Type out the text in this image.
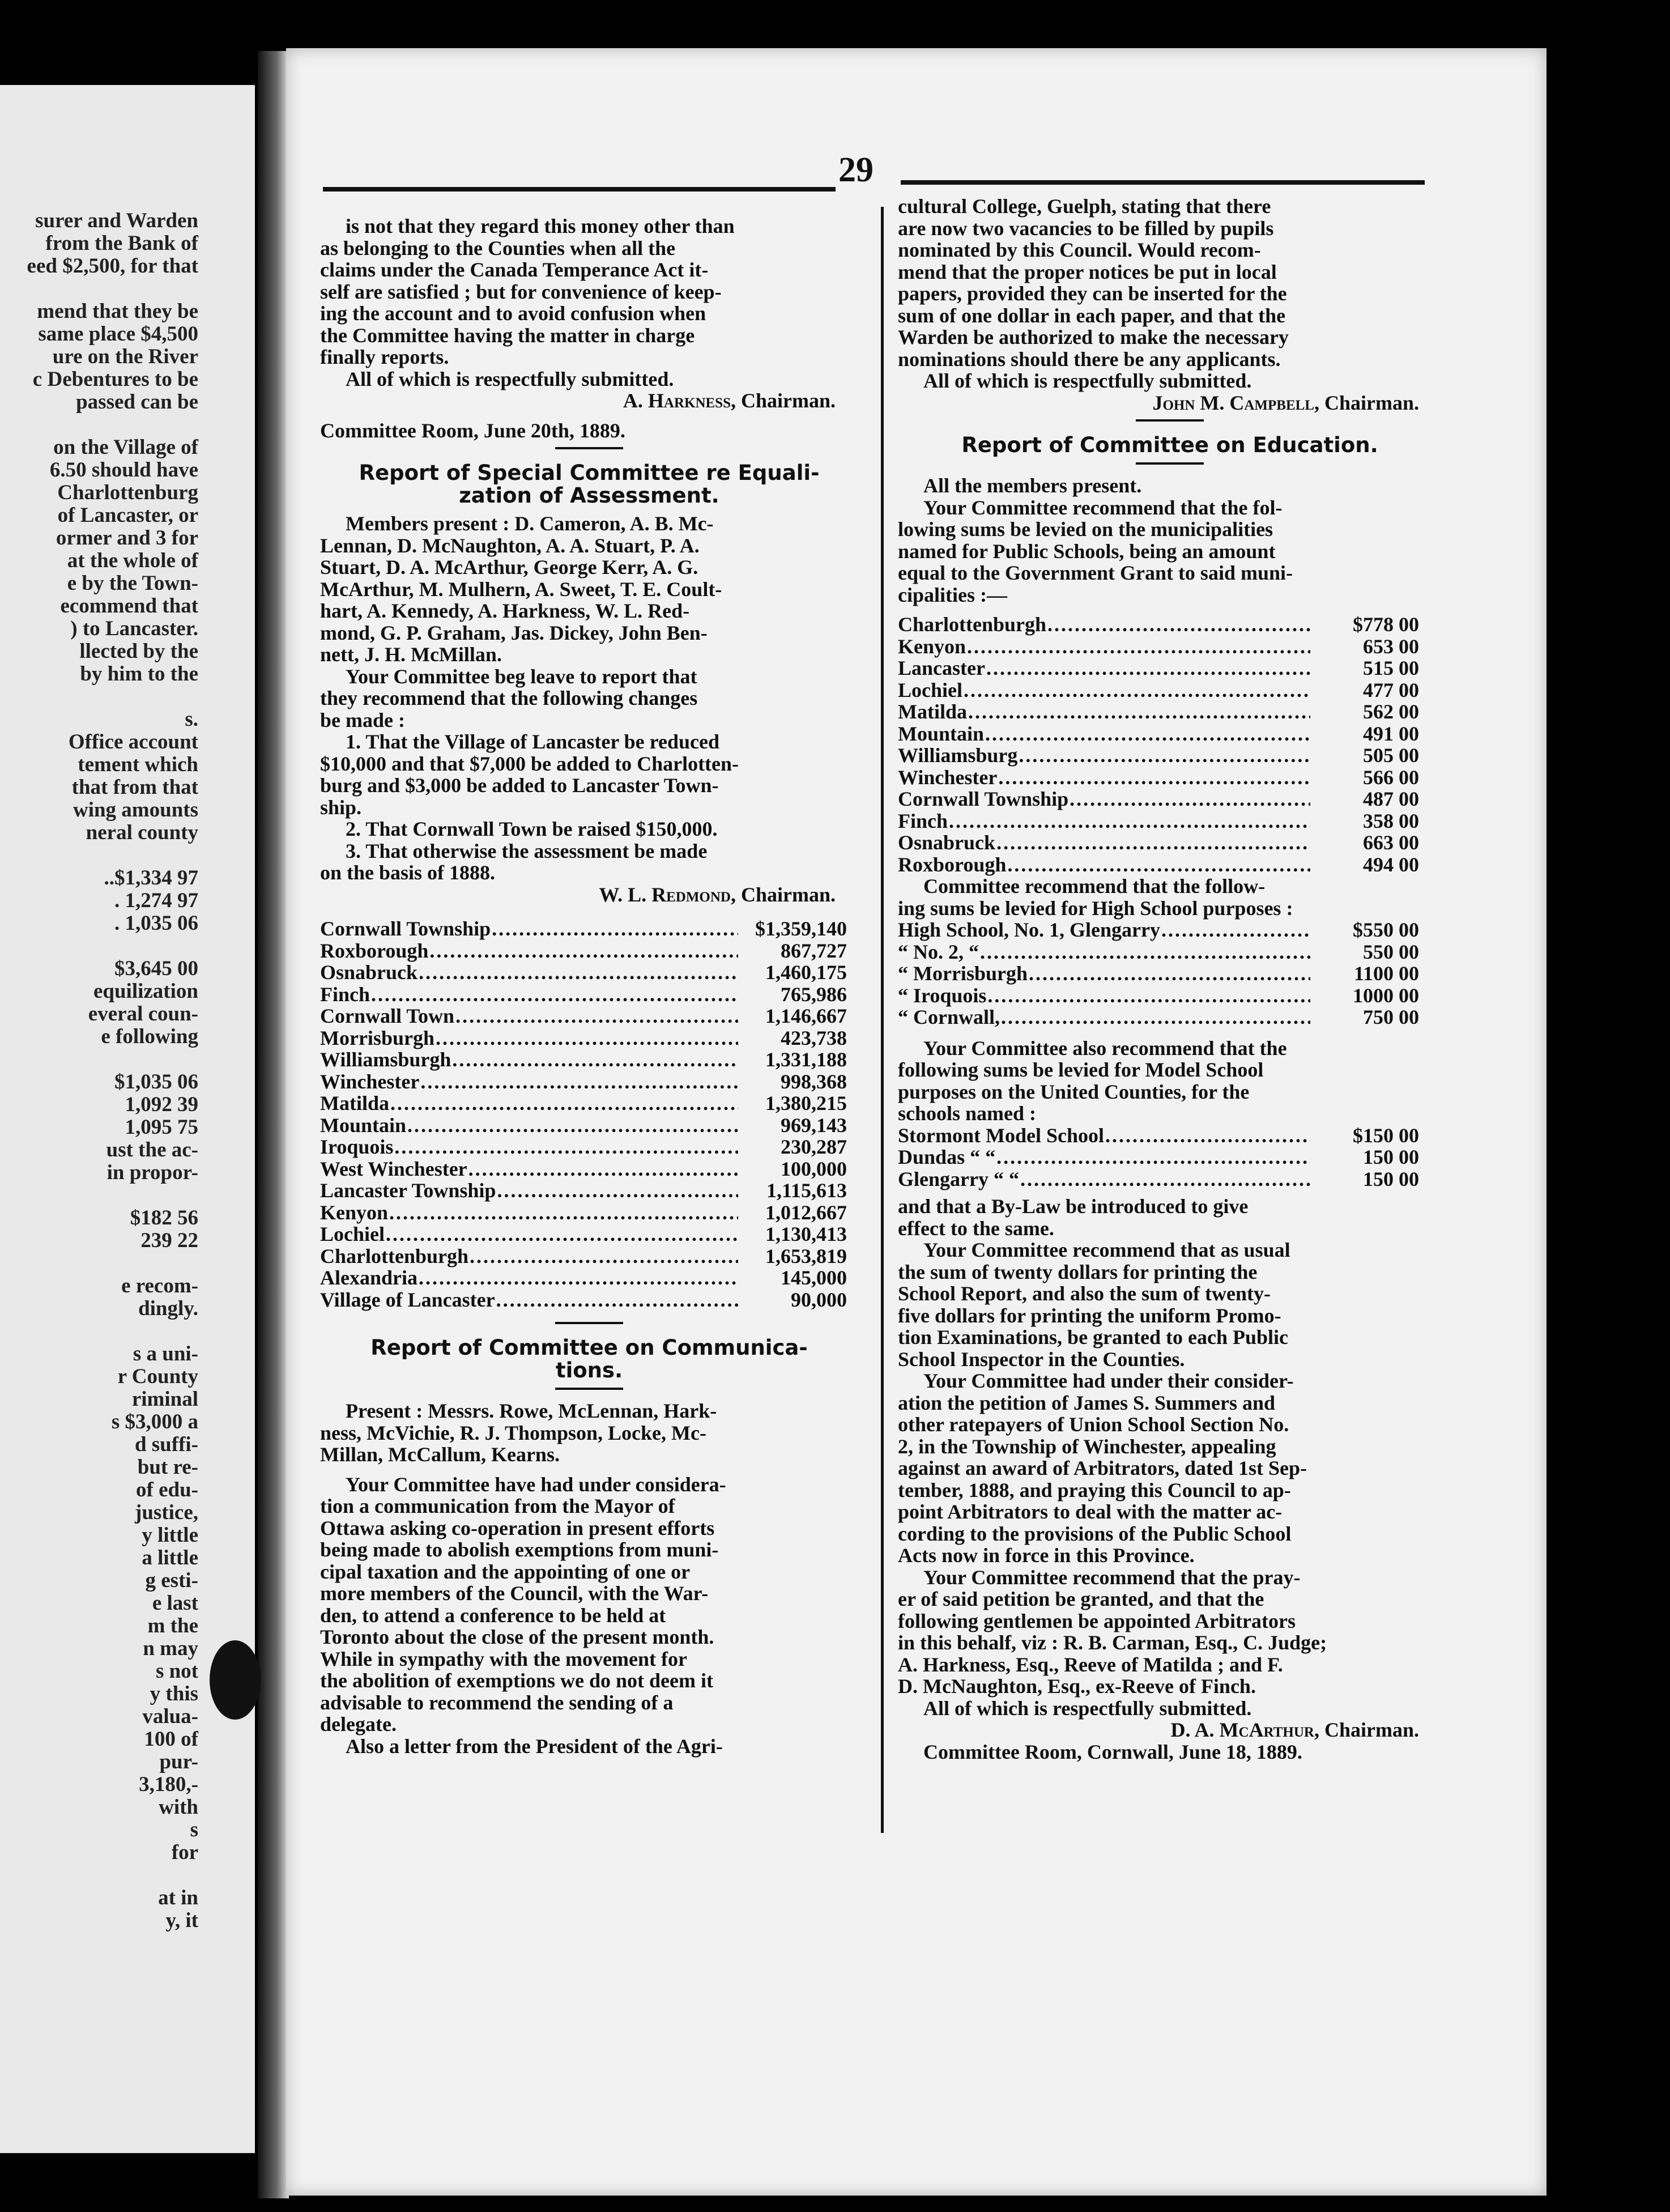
surer and Warden
from the Bank of
eed $2,500, for that

mend that they be
same place $4,500
ure on the River
c Debentures to be
passed can be

on the Village of
6.50 should have
Charlottenburg
of Lancaster, or
ormer and 3 for
at the whole of
e by the Town-
ecommend that
) to Lancaster.
llected by the
by him to the

s.
Office account
tement which
that from that
wing amounts
neral county

..$1,334 97
. 1,274 97
. 1,035 06

$3,645 00
equilization
everal coun-
e following

$1,035 06
1,092 39
1,095 75
ust the ac-
in propor-

$182 56
239 22

e recom-
dingly.

s a uni-
r County
riminal
s $3,000 a
d suffi-
but re-
of edu-
justice,
y little
a little
g esti-
e last
m the
n may
s not
y this
valua-
100 of
pur-
3,180,-
with
s
for

at in
y, it
29
is not that they regard this money other than
as belonging to the Counties when all the
claims under the Canada Temperance Act it-
self are satisfied ; but for convenience of keep-
ing the account and to avoid confusion when
the Committee having the matter in charge
finally reports.

All of which is respectfully submitted.

A. Harkness, Chairman.

Committee Room, June 20th, 1889.

Report of Special Committee re Equali-
zation of Assessment.
Members present : D. Cameron, A. B. Mc-
Lennan, D. McNaughton, A. A. Stuart, P. A.
Stuart, D. A. McArthur, George Kerr, A. G.
McArthur, M. Mulhern, A. Sweet, T. E. Coult-
hart, A. Kennedy, A. Harkness, W. L. Red-
mond, G. P. Graham, Jas. Dickey, John Ben-
nett, J. H. McMillan.
Your Committee beg leave to report that
they recommend that the following changes
be made :
1. That the Village of Lancaster be reduced
$10,000 and that $7,000 be added to Charlotten-
burg and $3,000 be added to Lancaster Town-
ship.

2. That Cornwall Town be raised $150,000.

3. That otherwise the assessment be made
on the basis of 1888.

W. L. Redmond, Chairman.

Cornwall Township .....	$1,359,140
Roxborough .....	867,727
Osnabruck .....	1,460,175
Finch .....	765,986
Cornwall Town .....	1,146,667
Morrisburgh .....	423,738
Williamsburgh .....	1,331,188
Winchester .....	998,368
Matilda .....	1,380,215
Mountain .....	969,143
Iroquois .....	230,287
West Winchester .....	100,000
Lancaster Township .....	1,115,613
Kenyon .....	1,012,667
Lochiel .....	1,130,413
Charlottenburgh .....	1,653,819
Alexandria .....	145,000
Village of Lancaster .....	90,000
Report of Committee on Communica-
tions.
Present : Messrs. Rowe, McLennan, Hark-
ness, McVichie, R. J. Thompson, Locke, Mc-
Millan, McCallum, Kearns.
Your Committee have had under considera-
tion a communication from the Mayor of
Ottawa asking co-operation in present efforts
being made to abolish exemptions from muni-
cipal taxation and the appointing of one or
more members of the Council, with the War-
den, to attend a conference to be held at
Toronto about the close of the present month.
While in sympathy with the movement for
the abolition of exemptions we do not deem it
advisable to recommend the sending of a
delegate.

Also a letter from the President of the Agri-

cultural College, Guelph, stating that there
are now two vacancies to be filled by pupils
nominated by this Council. Would recom-
mend that the proper notices be put in local
papers, provided they can be inserted for the
sum of one dollar in each paper, and that the
Warden be authorized to make the necessary
nominations should there be any applicants.

All of which is respectfully submitted.

John M. Campbell, Chairman.

Report of Committee on Education.

All the members present.

Your Committee recommend that the fol-
lowing sums be levied on the municipalities
named for Public Schools, being an amount
equal to the Government Grant to said muni-
cipalities :—
Charlottenburgh .....	$778 00
Kenyon .....	653 00
Lancaster .....	515 00
Lochiel .....	477 00
Matilda .....	562 00
Mountain .....	491 00
Williamsburg .....	505 00
Winchester .....	566 00
Cornwall Township .....	487 00
Finch .....	358 00
Osnabruck .....	663 00
Roxborough .....	494 00
Committee recommend that the follow-
ing sums be levied for High School purposes :
High School, No. 1, Glengarry .....	$550 00
“ No. 2, “ .....	550 00
“ Morrisburgh .....	1100 00
“ Iroquois .....	1000 00
“ Cornwall, .....	750 00
Your Committee also recommend that the
following sums be levied for Model School
purposes on the United Counties, for the
schools named :
Stormont Model School .....	$150 00
Dundas “ “ .....	150 00
Glengarry “ “ .....	150 00
and that a By-Law be introduced to give
effect to the same.
Your Committee recommend that as usual
the sum of twenty dollars for printing the
School Report, and also the sum of twenty-
five dollars for printing the uniform Promo-
tion Examinations, be granted to each Public
School Inspector in the Counties.
Your Committee had under their consider-
ation the petition of James S. Summers and
other ratepayers of Union School Section No.
2, in the Township of Winchester, appealing
against an award of Arbitrators, dated 1st Sep-
tember, 1888, and praying this Council to ap-
point Arbitrators to deal with the matter ac-
cording to the provisions of the Public School
Acts now in force in this Province.
Your Committee recommend that the pray-
er of said petition be granted, and that the
following gentlemen be appointed Arbitrators
in this behalf, viz : R. B. Carman, Esq., C. Judge;
A. Harkness, Esq., Reeve of Matilda ; and F.
D. McNaughton, Esq., ex-Reeve of Finch.

All of which is respectfully submitted.

D. A. McArthur, Chairman.

Committee Room, Cornwall, June 18, 1889.
